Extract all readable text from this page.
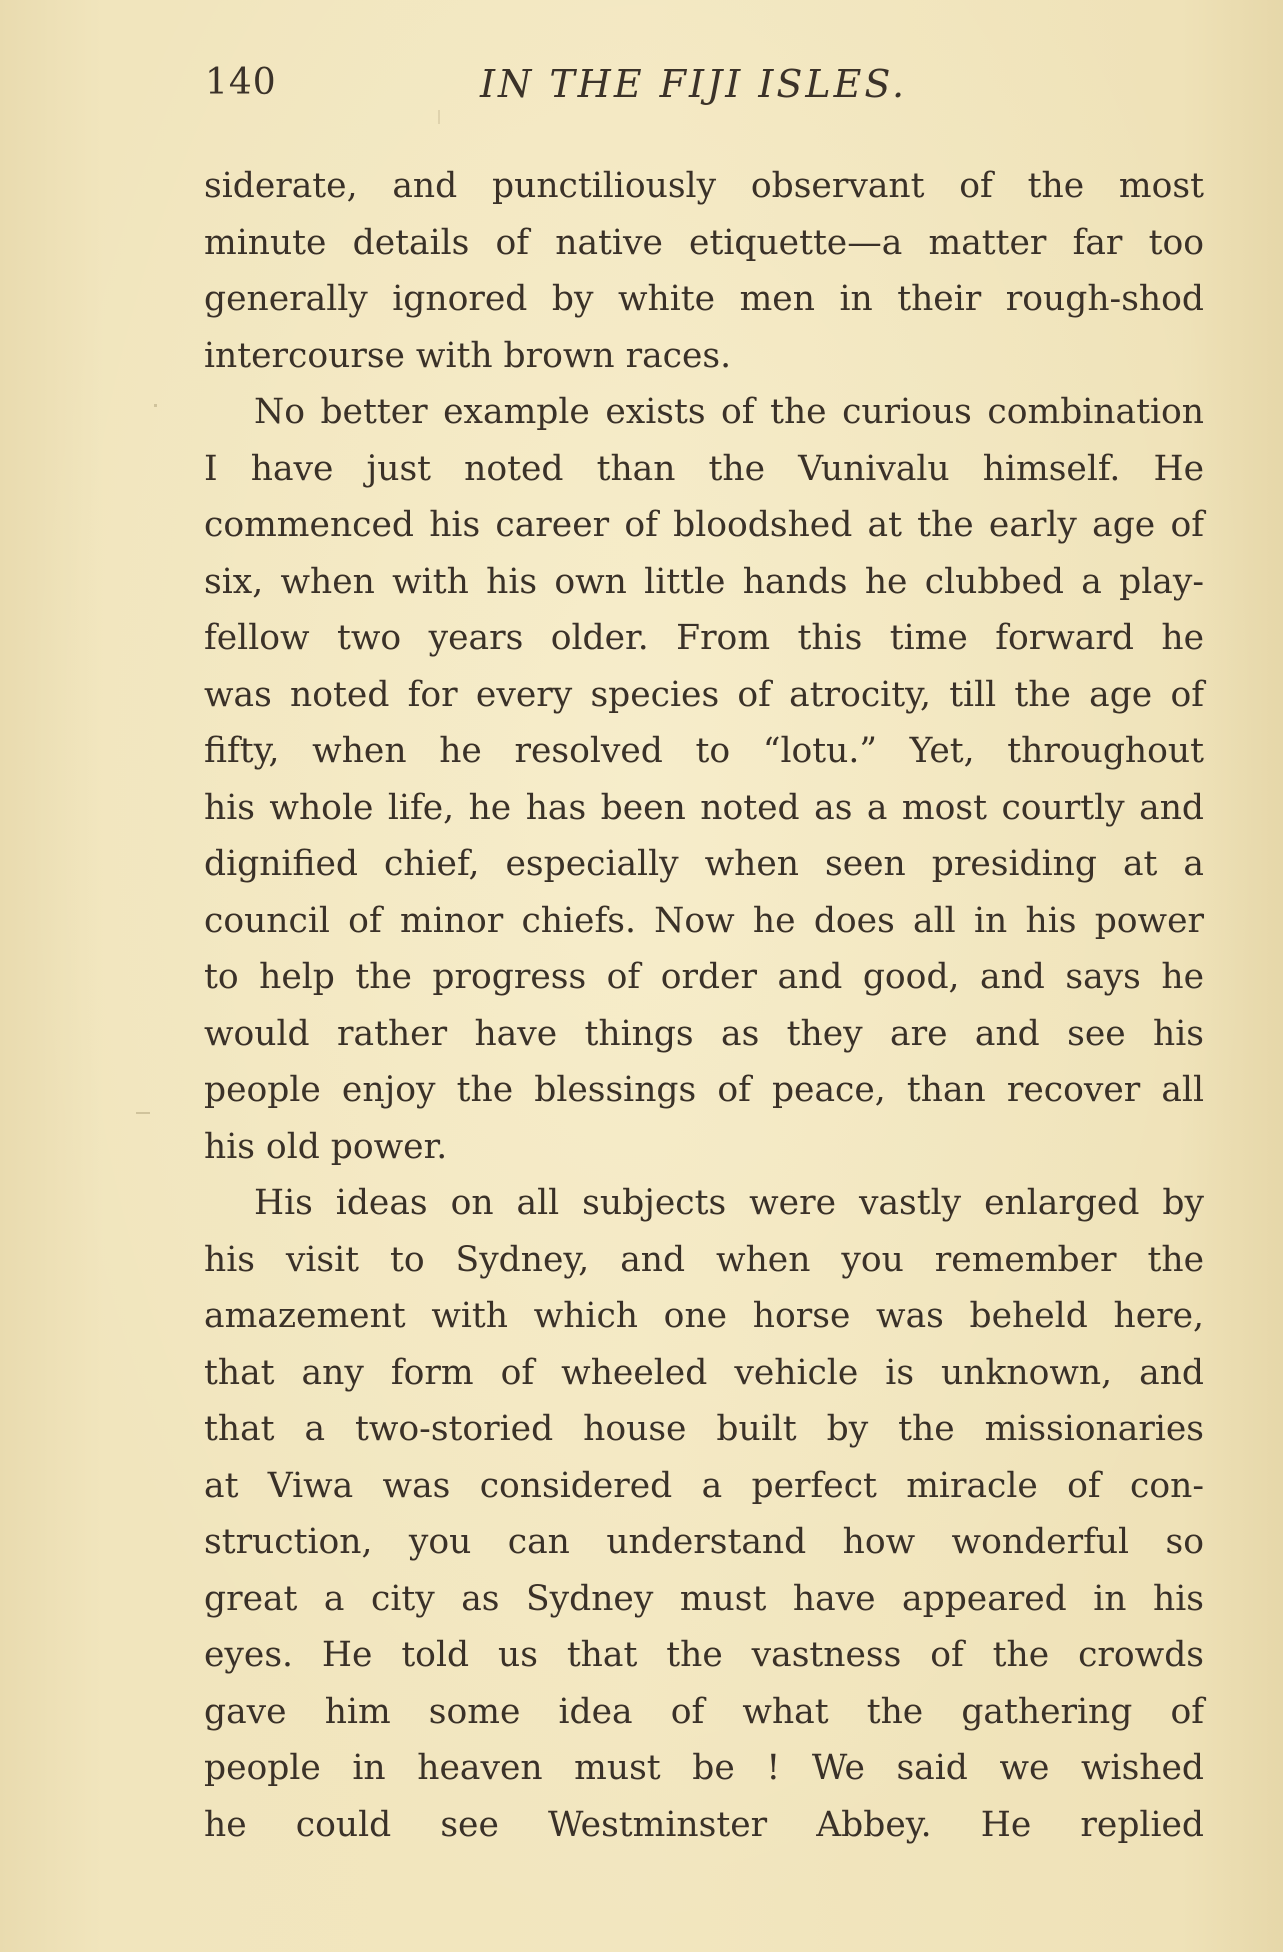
140	IN THE FIJI ISLES.
siderate, and punctiliously observant of the most
minute details of native etiquette—a matter far too
generally ignored by white men in their rough-shod
intercourse with brown races.
No better example exists of the curious combination
I have just noted than the Vunivalu himself. He
commenced his career of bloodshed at the early age of
six, when with his own little hands he clubbed a play-
fellow two years older. From this time forward he
was noted for every species of atrocity, till the age of
fifty, when he resolved to “lotu.” Yet, throughout
his whole life, he has been noted as a most courtly and
dignified chief, especially when seen presiding at a
council of minor chiefs. Now he does all in his power
to help the progress of order and good, and says he
would rather have things as they are and see his
people enjoy the blessings of peace, than recover all
his old power.
His ideas on all subjects were vastly enlarged by
his visit to Sydney, and when you remember the
amazement with which one horse was beheld here,
that any form of wheeled vehicle is unknown, and
that a two-storied house built by the missionaries
at Viwa was considered a perfect miracle of con-
struction, you can understand how wonderful so
great a city as Sydney must have appeared in his
eyes. He told us that the vastness of the crowds
gave him some idea of what the gathering of
people in heaven must be ! We said we wished
he could see Westminster Abbey. He replied
